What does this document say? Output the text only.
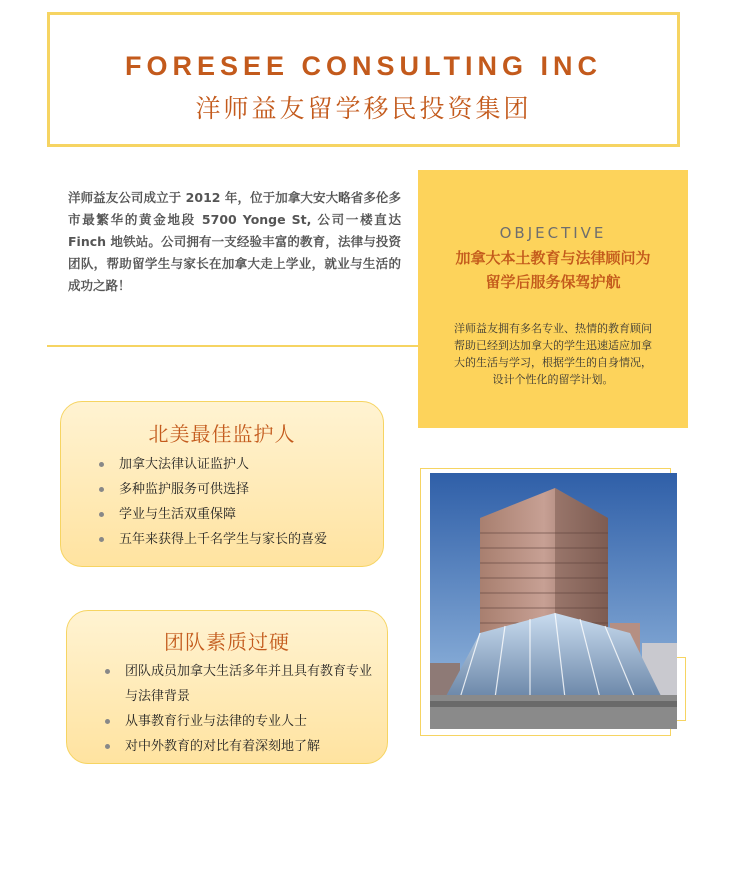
FORESEE CONSULTING INC
洋师益友留学移民投资集团
洋师益友公司成立于 2012 年，位于加拿大安大略省多伦多市最繁华的黄金地段 5700 Yonge St, 公司一楼直达 Finch 地铁站。公司拥有一支经验丰富的教育，法律与投资团队，帮助留学生与家长在加拿大走上学业，就业与生活的成功之路！
OBJECTIVE
加拿大本土教育与法律顾问为
留学后服务保驾护航
洋师益友拥有多名专业、热情的教育顾问
帮助已经到达加拿大的学生迅速适应加拿
大的生活与学习，根据学生的自身情况，
设计个性化的留学计划。
北美最佳监护人
加拿大法律认证监护人
多种监护服务可供选择
学业与生活双重保障
五年来获得上千名学生与家长的喜爱
团队素质过硬
团队成员加拿大生活多年并且具有教育专业与法律背景
从事教育行业与法律的专业人士
对中外教育的对比有着深刻地了解
